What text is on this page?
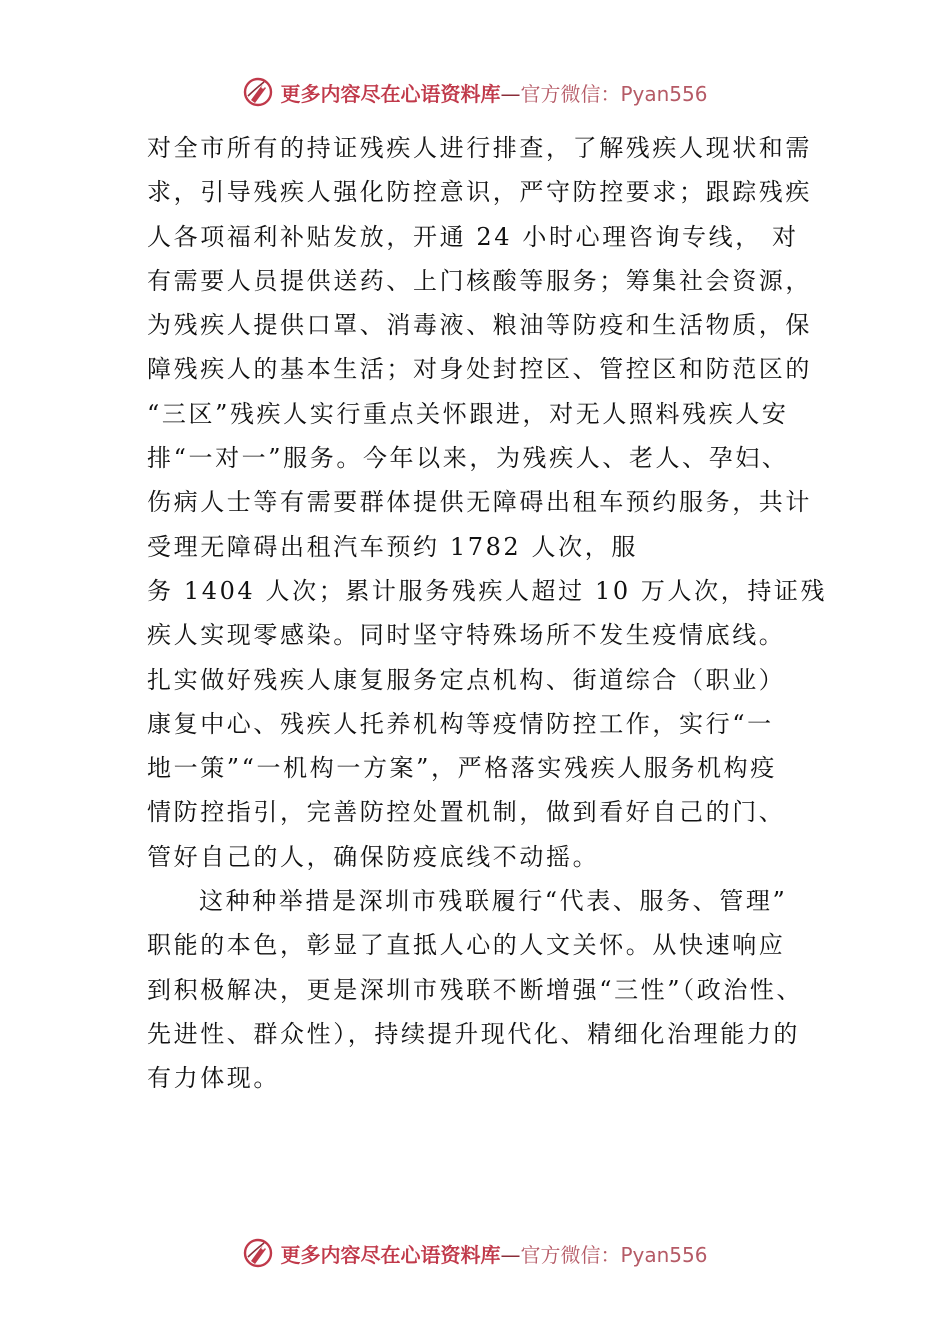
更多内容尽在心语资料库—官方微信：Pyan556
对全市所有的持证残疾人进行排查，了解残疾人现状和需
求，引导残疾人强化防控意识，严守防控要求；跟踪残疾
人各项福利补贴发放，开通 24 小时心理咨询专线， 对
有需要人员提供送药、上门核酸等服务；筹集社会资源，
为残疾人提供口罩、消毒液、粮油等防疫和生活物质，保
障残疾人的基本生活；对身处封控区、管控区和防范区的
“三区”残疾人实行重点关怀跟进，对无人照料残疾人安
排“一对一”服务。今年以来，为残疾人、老人、孕妇、
伤病人士等有需要群体提供无障碍出租车预约服务，共计
受理无障碍出租汽车预约 1782 人次，服
务 1404 人次；累计服务残疾人超过 10 万人次，持证残
疾人实现零感染。同时坚守特殊场所不发生疫情底线。
扎实做好残疾人康复服务定点机构、街道综合（职业）
康复中心、残疾人托养机构等疫情防控工作，实行“一
地一策”“一机构一方案”，严格落实残疾人服务机构疫
情防控指引，完善防控处置机制，做到看好自己的门、
管好自己的人，确保防疫底线不动摇。
这种种举措是深圳市残联履行“代表、服务、管理”
职能的本色，彰显了直抵人心的人文关怀。从快速响应
到积极解决，更是深圳市残联不断增强“三性”（政治性、
先进性、群众性），持续提升现代化、精细化治理能力的
有力体现。
更多内容尽在心语资料库—官方微信：Pyan556
